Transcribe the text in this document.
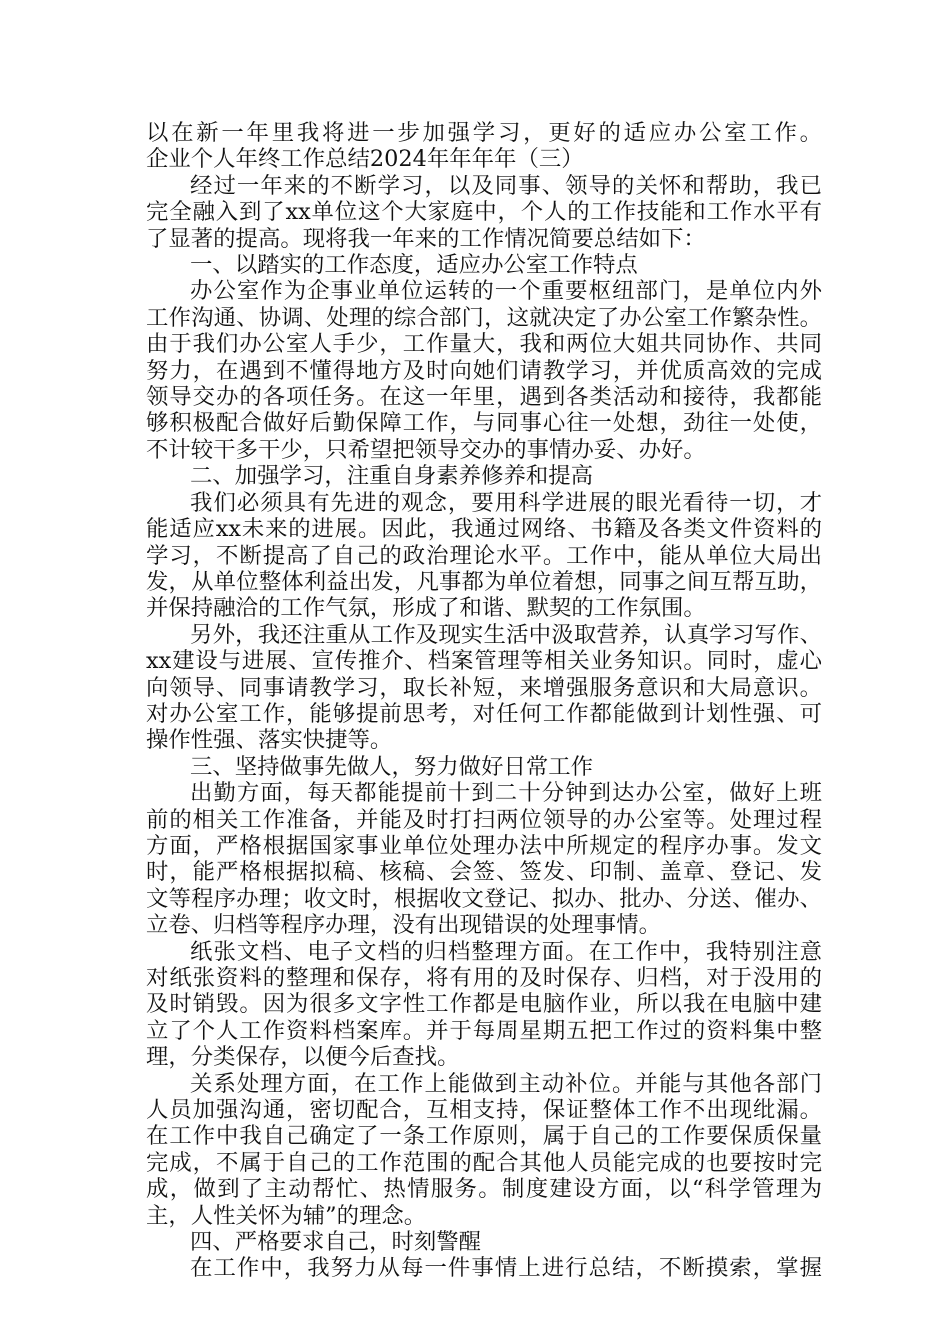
以在新一年里我将进一步加强学习，更好的适应办公室工作。
企业个人年终工作总结2024年年年年（三）
经过一年来的不断学习，以及同事、领导的关怀和帮助，我已
完全融入到了xx单位这个大家庭中，个人的工作技能和工作水平有
了显著的提高。现将我一年来的工作情况简要总结如下：
一、以踏实的工作态度，适应办公室工作特点
办公室作为企事业单位运转的一个重要枢纽部门，是单位内外
工作沟通、协调、处理的综合部门，这就决定了办公室工作繁杂性。
由于我们办公室人手少，工作量大，我和两位大姐共同协作、共同
努力，在遇到不懂得地方及时向她们请教学习，并优质高效的完成
领导交办的各项任务。在这一年里，遇到各类活动和接待，我都能
够积极配合做好后勤保障工作，与同事心往一处想，劲往一处使，
不计较干多干少，只希望把领导交办的事情办妥、办好。
二、加强学习，注重自身素养修养和提高
我们必须具有先进的观念，要用科学进展的眼光看待一切，才
能适应xx未来的进展。因此，我通过网络、书籍及各类文件资料的
学习，不断提高了自己的政治理论水平。工作中，能从单位大局出
发，从单位整体利益出发，凡事都为单位着想，同事之间互帮互助，
并保持融洽的工作气氛，形成了和谐、默契的工作氛围。
另外，我还注重从工作及现实生活中汲取营养，认真学习写作、
xx建设与进展、宣传推介、档案管理等相关业务知识。同时，虚心
向领导、同事请教学习，取长补短，来增强服务意识和大局意识。
对办公室工作，能够提前思考，对任何工作都能做到计划性强、可
操作性强、落实快捷等。
三、坚持做事先做人，努力做好日常工作
出勤方面，每天都能提前十到二十分钟到达办公室，做好上班
前的相关工作准备，并能及时打扫两位领导的办公室等。处理过程
方面，严格根据国家事业单位处理办法中所规定的程序办事。发文
时，能严格根据拟稿、核稿、会签、签发、印制、盖章、登记、发
文等程序办理；收文时，根据收文登记、拟办、批办、分送、催办、
立卷、归档等程序办理，没有出现错误的处理事情。
纸张文档、电子文档的归档整理方面。在工作中，我特别注意
对纸张资料的整理和保存，将有用的及时保存、归档，对于没用的
及时销毁。因为很多文字性工作都是电脑作业，所以我在电脑中建
立了个人工作资料档案库。并于每周星期五把工作过的资料集中整
理，分类保存，以便今后查找。
关系处理方面，在工作上能做到主动补位。并能与其他各部门
人员加强沟通，密切配合，互相支持，保证整体工作不出现纰漏。
在工作中我自己确定了一条工作原则，属于自己的工作要保质保量
完成，不属于自己的工作范围的配合其他人员能完成的也要按时完
成，做到了主动帮忙、热情服务。制度建设方面，以“科学管理为
主，人性关怀为辅”的理念。
四、严格要求自己，时刻警醒
在工作中，我努力从每一件事情上进行总结，不断摸索，掌握
